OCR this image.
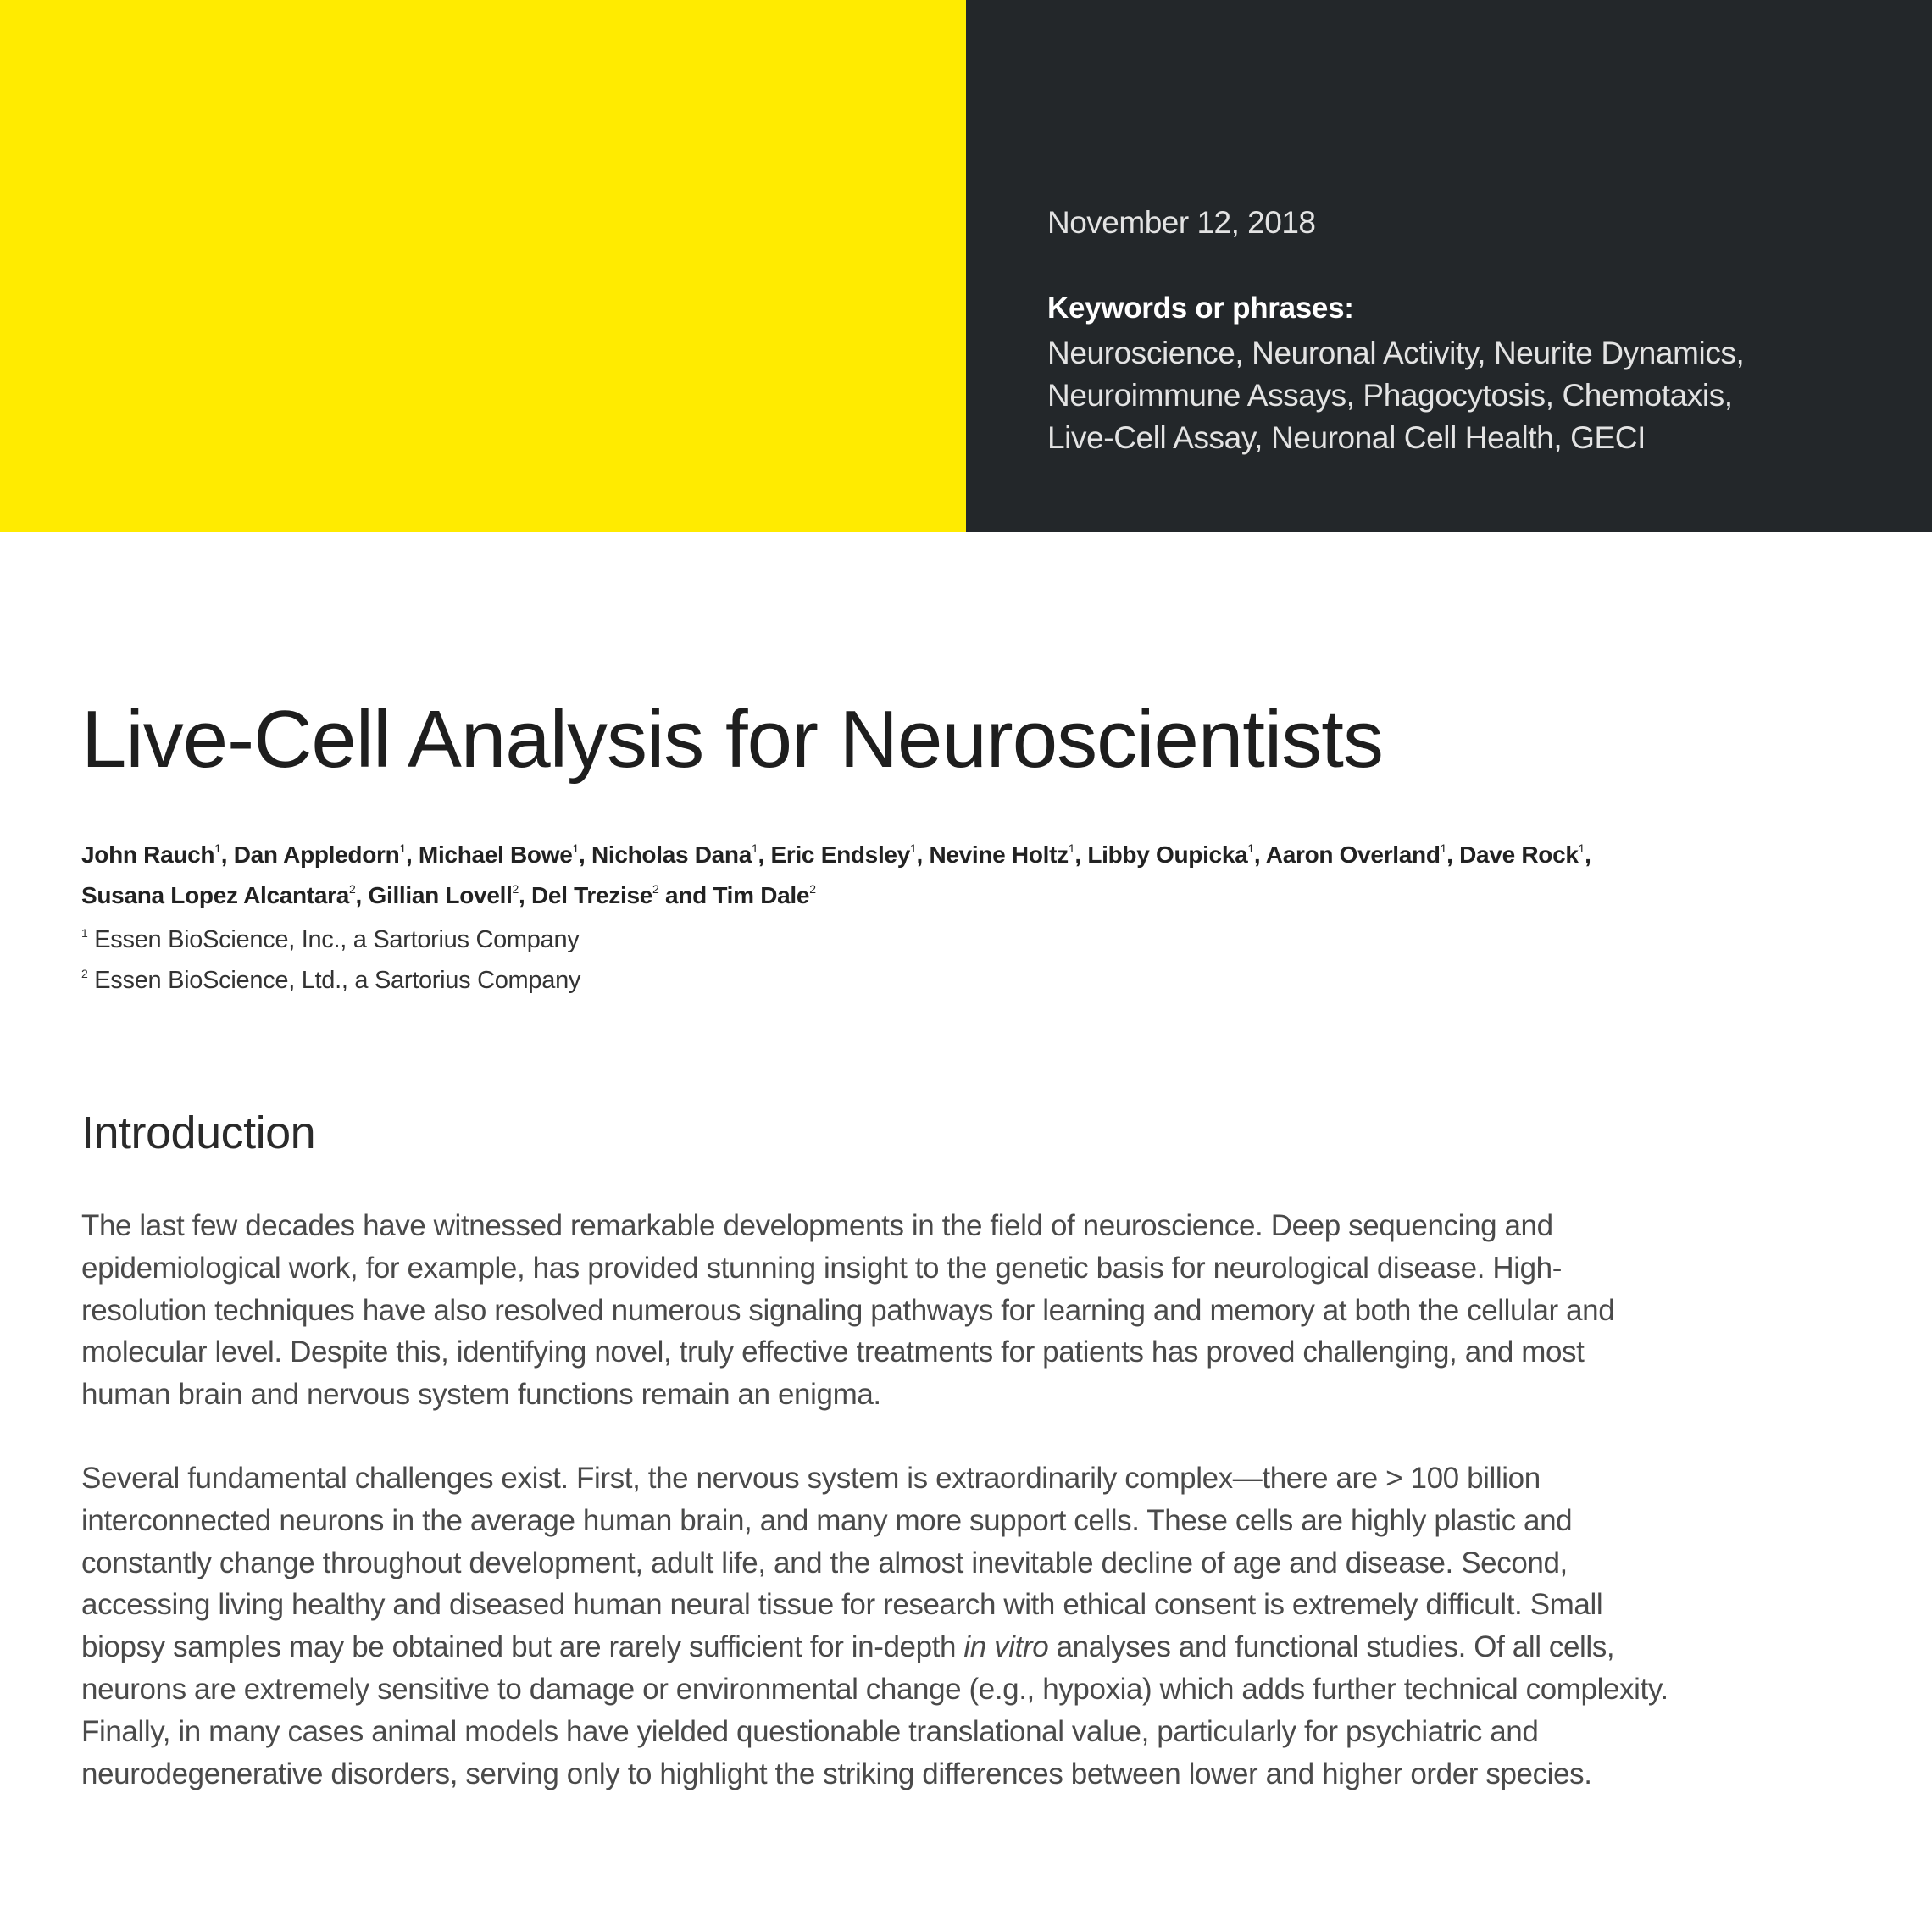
November 12, 2018
Keywords or phrases:
Neuroscience, Neuronal Activity, Neurite Dynamics,
Neuroimmune Assays, Phagocytosis, Chemotaxis,
Live-Cell Assay, Neuronal Cell Health, GECI
Live-Cell Analysis for Neuroscientists
John Rauch$^1$, Dan Appledorn$^1$, Michael Bowe$^1$, Nicholas Dana$^1$, Eric Endsley$^1$, Nevine Holtz$^1$, Libby Oupicka$^1$, Aaron Overland$^1$, Dave Rock$^1$,
Susana Lopez Alcantara$^2$, Gillian Lovell$^2$, Del Trezise$^2$ and Tim Dale$^2$
$^1$ Essen BioScience, Inc., a Sartorius Company
$^2$ Essen BioScience, Ltd., a Sartorius Company
Introduction
The last few decades have witnessed remarkable developments in the field of neuroscience. Deep sequencing and
epidemiological work, for example, has provided stunning insight to the genetic basis for neurological disease. High-
resolution techniques have also resolved numerous signaling pathways for learning and memory at both the cellular and
molecular level. Despite this, identifying novel, truly effective treatments for patients has proved challenging, and most
human brain and nervous system functions remain an enigma.
Several fundamental challenges exist. First, the nervous system is extraordinarily complex—there are > 100 billion
interconnected neurons in the average human brain, and many more support cells. These cells are highly plastic and
constantly change throughout development, adult life, and the almost inevitable decline of age and disease. Second,
accessing living healthy and diseased human neural tissue for research with ethical consent is extremely difficult. Small
biopsy samples may be obtained but are rarely sufficient for in-depth in vitro analyses and functional studies. Of all cells,
neurons are extremely sensitive to damage or environmental change (e.g., hypoxia) which adds further technical complexity.
Finally, in many cases animal models have yielded questionable translational value, particularly for psychiatric and
neurodegenerative disorders, serving only to highlight the striking differences between lower and higher order species.
